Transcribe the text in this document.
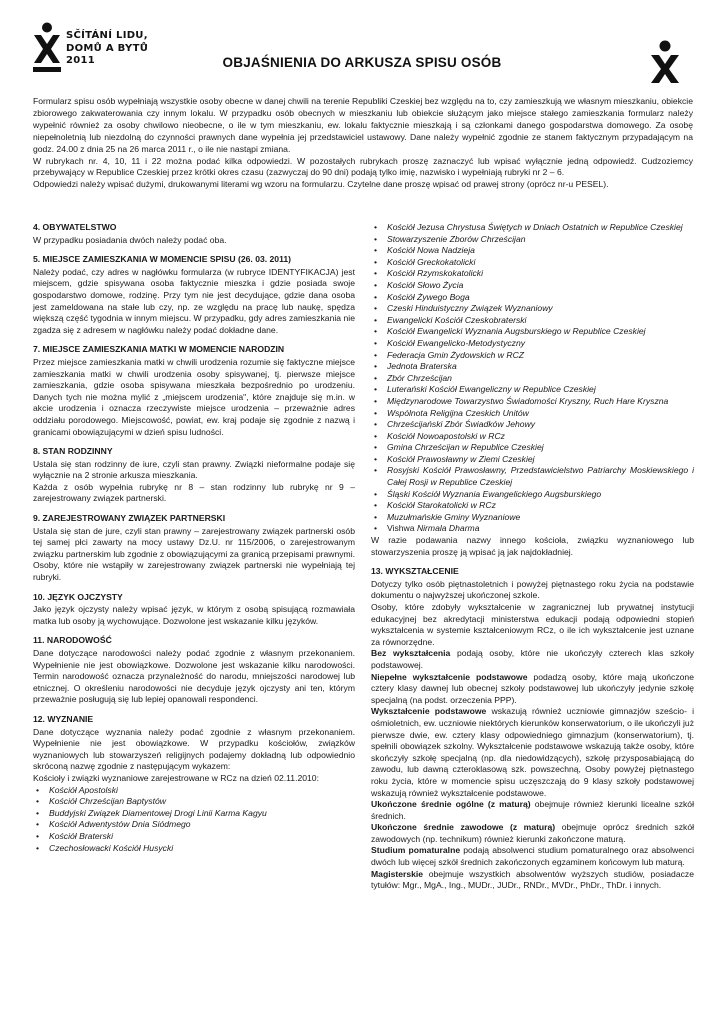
SČÍTÁNÍ LIDU,
DOMŮ A BYTŮ
2011	OBJAŚNIENIA DO ARKUSZA SPISU OSÓB

Formularz spisu osób wypełniają wszystkie osoby obecne w danej chwili na terenie Republiki Czeskiej bez względu na to, czy zamieszkują we własnym mieszkaniu, obiekcie zbiorowego zakwaterowania czy innym lokalu. W przypadku osób obecnych w mieszkaniu lub obiekcie służącym jako miejsce stałego zamieszkania formularz należy wypełnić również za osoby chwilowo nieobecne, o ile w tym mieszkaniu, ew. lokalu faktycznie mieszkają i są członkami danego gospodarstwa domowego. Za osobę niepełnoletnią lub niezdolną do czynności prawnych dane wypełnia jej przedstawiciel ustawowy. Dane należy wypełnić zgodnie ze stanem faktycznym przypadającym na godz. 24.00 z dnia 25 na 26 marca 2011 r., o ile nie nastąpi zmiana.

W rubrykach nr. 4, 10, 11 i 22 można podać kilka odpowiedzi. W pozostałych rubrykach proszę zaznaczyć lub wpisać wyłącznie jedną odpowiedź. Cudzoziemcy przebywający w Republice Czeskiej przez krótki okres czasu (zazwyczaj do 90 dni) podają tylko imię, nazwisko i wypełniają rubryki nr 2 – 6.

Odpowiedzi należy wpisać dużymi, drukowanymi literami wg wzoru na formularzu. Czytelne dane proszę wpisać od prawej strony (oprócz nr-u PESEL).

4. OBYWATELSTWO

W przypadku posiadania dwóch należy podać oba.

5. MIEJSCE ZAMIESZKANIA W MOMENCIE SPISU (26. 03. 2011)

Należy podać, czy adres w nagłówku formularza (w rubryce IDENTYFIKACJA) jest miejscem, gdzie spisywana osoba faktycznie mieszka i gdzie posiada swoje gospodarstwo domowe, rodzinę. Przy tym nie jest decydujące, gdzie dana osoba jest zameldowana na stałe lub czy, np. ze względu na pracę lub naukę, spędza większą część tygodnia w innym miejscu. W przypadku, gdy adres zamieszkania nie zgadza się z adresem w nagłówku należy podać dokładne dane.

7. MIEJSCE ZAMIESZKANIA MATKI W MOMENCIE NARODZIN

Przez miejsce zamieszkania matki w chwili urodzenia rozumie się faktyczne miejsce zamieszkania matki w chwili urodzenia osoby spisywanej, tj. pierwsze miejsce zamieszkania, gdzie osoba spisywana mieszkała bezpośrednio po urodzeniu. Danych tych nie można mylić z „miejscem urodzenia", które znajduje się m.in. w akcie urodzenia i oznacza rzeczywiste miejsce urodzenia – przeważnie adres oddziału porodowego. Miejscowość, powiat, ew. kraj podaje się zgodnie z nazwą i granicami obowiązującymi w dzień spisu ludności.

8. STAN RODZINNY

Ustala się stan rodzinny de iure, czyli stan prawny. Związki nieformalne podaje się wyłącznie na 2 stronie arkusza mieszkania.

Każda z osób wypełnia rubrykę nr 8 – stan rodzinny lub rubrykę nr 9 – zarejestrowany związek partnerski.

9. ZAREJESTROWANY ZWIĄZEK PARTNERSKI

Ustala się stan de jure, czyli stan prawny – zarejestrowany związek partnerski osób tej samej płci zawarty na mocy ustawy Dz.U. nr 115/2006, o zarejestrowanym związku partnerskim lub zgodnie z obowiązującymi za granicą przepisami prawnymi. Osoby, które nie wstąpiły w zarejestrowany związek partnerski nie wypełniają tej rubryki.

10. JĘZYK OJCZYSTY

Jako język ojczysty należy wpisać język, w którym z osobą spisującą rozmawiała matka lub osoby ją wychowujące. Dozwolone jest wskazanie kilku języków.

11. NARODOWOŚĆ

Dane dotyczące narodowości należy podać zgodnie z własnym przekonaniem. Wypełnienie nie jest obowiązkowe. Dozwolone jest wskazanie kilku narodowości. Termin narodowość oznacza przynależność do narodu, mniejszości narodowej lub etnicznej. O określeniu narodowości nie decyduje język ojczysty ani ten, którym przeważnie posługują się lub lepiej opanowali respondenci.

12. WYZNANIE

Dane dotyczące wyznania należy podać zgodnie z własnym przekonaniem. Wypełnienie nie jest obowiązkowe. W przypadku kościołów, związków wyznaniowych lub stowarzyszeń religijnych podajemy dokładną lub odpowiednio skróconą nazwę zgodnie z następującym wykazem:

Kościoły i związki wyznaniowe zarejestrowane w RCz na dzień 02.11.2010:

• Kościół Apostolski
• Kościół Chrześcijan Baptystów
• Buddyjski Związek Diamentowej Drogi Linii Karma Kagyu
• Kościół Adwentystów Dnia Siódmego
• Kościół Braterski
• Czechosłowacki Kościół Husycki
• Kościół Jezusa Chrystusa Świętych w Dniach Ostatnich w Republice Czeskiej
• Stowarzyszenie Zborów Chrześcijan
• Kościół Nowa Nadzieja
• Kościół Greckokatolicki
• Kościół Rzymskokatolicki
• Kościół Słowo Życia
• Kościół Żywego Boga
• Czeski Hinduistyczny Związek Wyznaniowy
• Ewangelicki Kościół Czeskobraterski
• Kościół Ewangelicki Wyznania Augsburskiego w Republice Czeskiej
• Kościół Ewangelicko-Metodystyczny
• Federacja Gmin Żydowskich w RCZ
• Jednota Braterska
• Zbór Chrześcijan
• Luterański Kościół Ewangeliczny w Republice Czeskiej
• Międzynarodowe Towarzystwo Świadomości Kryszny, Ruch Hare Kryszna
• Wspólnota Religijna Czeskich Unitów
• Chrześcijański Zbór Świadków Jehowy
• Kościół Nowoapostolski w RCz
• Gmina Chrześcijan w Republice Czeskiej
• Kościół Prawosławny w Ziemi Czeskiej
• Rosyjski Kościół Prawosławny, Przedstawicielstwo Patriarchy Moskiewskiego i Całej Rosji w Republice Czeskiej
• Śląski Kościół Wyznania Ewangelickiego Augsburskiego
• Kościół Starokatolicki w RCz
• Muzułmańskie Gminy Wyznaniowe
• Vishwa Nirmala Dharma

W razie podawania nazwy innego kościoła, związku wyznaniowego lub stowarzyszenia proszę ją wpisać ją jak najdokładniej.

13. WYKSZTAŁCENIE

Dotyczy tylko osób piętnastoletnich i powyżej piętnastego roku życia na podstawie dokumentu o najwyższej ukończonej szkole.

Osoby, które zdobyły wykształcenie w zagranicznej lub prywatnej instytucji edukacyjnej bez akredytacji ministerstwa edukacji podają odpowiedni stopień wykształcenia w systemie kształceniowym RCz, o ile ich wykształcenie jest uznane za równorzędne.

Bez wykształcenia podają osoby, które nie ukończyły czterech klas szkoły podstawowej.

Niepełne wykształcenie podstawowe podadzą osoby, które mają ukończone cztery klasy dawnej lub obecnej szkoły podstawowej lub ukończyły jedynie szkołę specjalną (na podst. orzeczenia PPP).

Wykształcenie podstawowe wskazują również uczniowie gimnazjów sześcio- i ośmioletnich, ew. uczniowie niektórych kierunków konserwatorium, o ile ukończyli już pierwsze dwie, ew. cztery klasy odpowiedniego gimnazjum (konserwatorium), tj. spełnili obowiązek szkolny. Wykształcenie podstawowe wskazują także osoby, które skończyły szkołę specjalną (np. dla niedowidzących), szkołę przysposabiającą do zawodu, lub dawną czteroklasową szk. powszechną, Osoby powyżej piętnastego roku życia, które w momencie spisu uczęszczają do 9 klasy szkoły podstawowej wskazują również wykształcenie podstawowe.

Ukończone średnie ogólne (z maturą) obejmuje również kierunki licealne szkół średnich.

Ukończone średnie zawodowe (z maturą) obejmuje oprócz średnich szkół zawodowych (np. technikum) również kierunki zakończone maturą.

Studium pomaturalne podają absolwenci studium pomaturalnego oraz absolwenci dwóch lub więcej szkół średnich zakończonych egzaminem końcowym lub maturą.

Magisterskie obejmuje wszystkich absolwentów wyższych studiów, posiadacze tytułów: Mgr., MgA., Ing., MUDr., JUDr., RNDr., MVDr., PhDr., ThDr. i innych.
